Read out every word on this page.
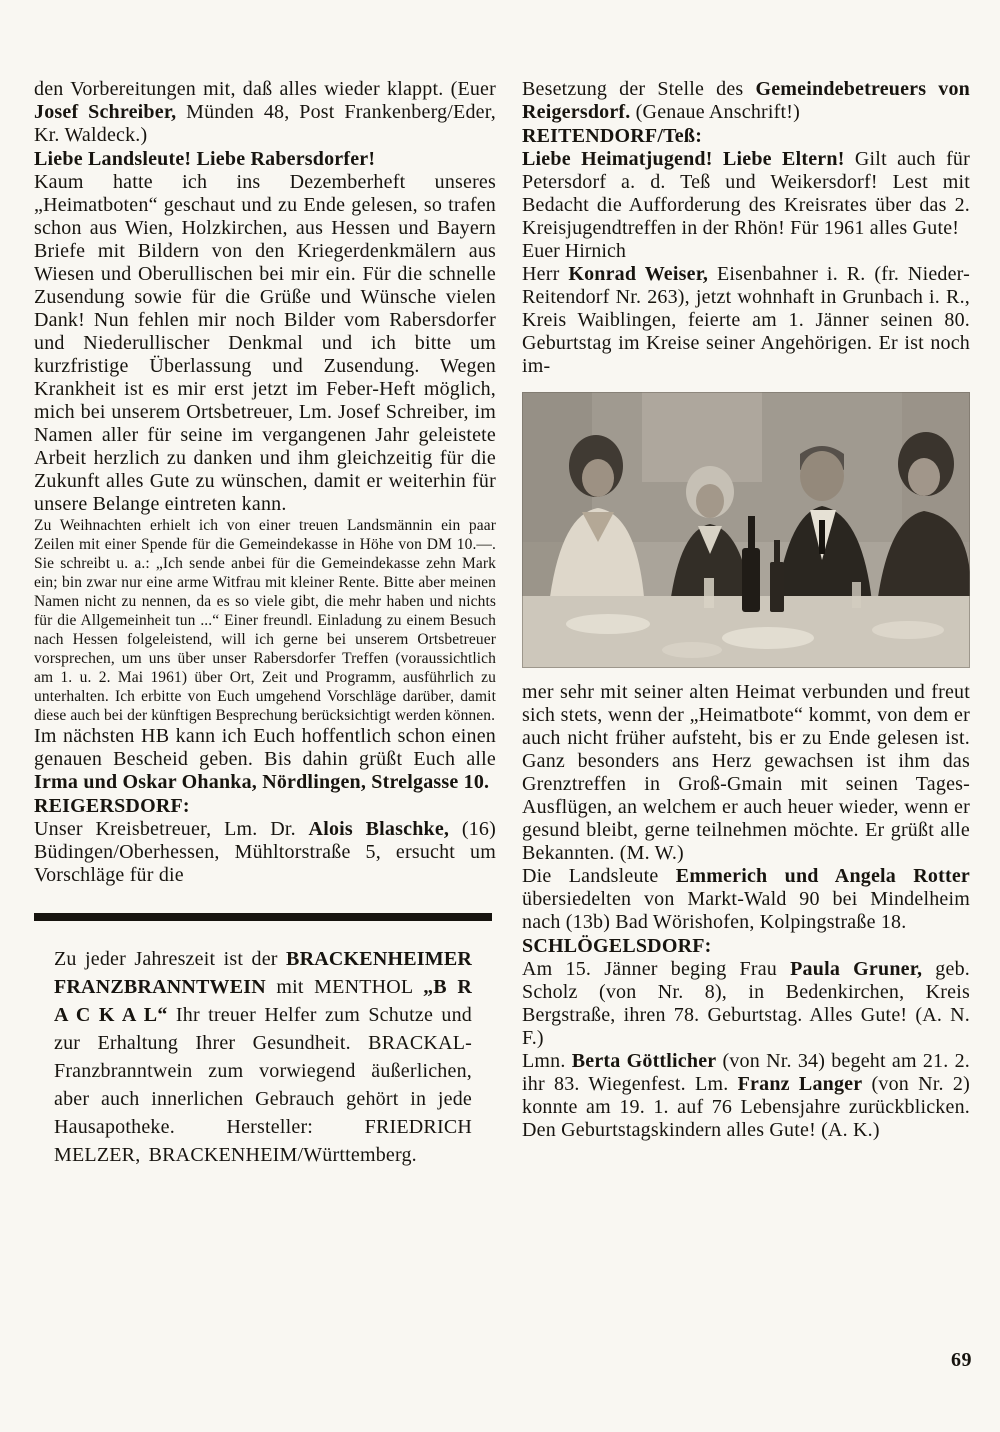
den Vorbereitungen mit, daß alles wieder klappt. (Euer Josef Schreiber, Münden 48, Post Frankenberg/Eder, Kr. Waldeck.)

Liebe Landsleute! Liebe Rabersdorfer!

Kaum hatte ich ins Dezemberheft unseres „Heimatboten“ geschaut und zu Ende gelesen, so trafen schon aus Wien, Holzkirchen, aus Hessen und Bayern Briefe mit Bildern von den Kriegerdenkmälern aus Wiesen und Oberullischen bei mir ein. Für die schnelle Zusendung sowie für die Grüße und Wünsche vielen Dank! Nun fehlen mir noch Bilder vom Rabersdorfer und Niederullischer Denkmal und ich bitte um kurzfristige Überlassung und Zusendung. Wegen Krankheit ist es mir erst jetzt im Feber-Heft möglich, mich bei unserem Ortsbetreuer, Lm. Josef Schreiber, im Namen aller für seine im vergangenen Jahr geleistete Arbeit herzlich zu danken und ihm gleichzeitig für die Zukunft alles Gute zu wünschen, damit er weiterhin für unsere Belange eintreten kann.

Zu Weihnachten erhielt ich von einer treuen Landsmännin ein paar Zeilen mit einer Spende für die Gemeindekasse in Höhe von DM 10.—. Sie schreibt u. a.: „Ich sende anbei für die Gemeindekasse zehn Mark ein; bin zwar nur eine arme Witfrau mit kleiner Rente. Bitte aber meinen Namen nicht zu nennen, da es so viele gibt, die mehr haben und nichts für die Allgemeinheit tun ...“ Einer freundl. Einladung zu einem Besuch nach Hessen folgeleistend, will ich gerne bei unserem Ortsbetreuer vorsprechen, um uns über unser Rabersdorfer Treffen (voraussichtlich am 1. u. 2. Mai 1961) über Ort, Zeit und Programm, ausführlich zu unterhalten. Ich erbitte von Euch umgehend Vorschläge darüber, damit diese auch bei der künftigen Besprechung berücksichtigt werden können.

Im nächsten HB kann ich Euch hoffentlich schon einen genauen Bescheid geben. Bis dahin grüßt Euch alle Irma und Oskar Ohanka, Nördlingen, Strelgasse 10.

REIGERSDORF:

Unser Kreisbetreuer, Lm. Dr. Alois Blaschke, (16) Büdingen/Oberhessen, Mühltorstraße 5, ersucht um Vorschläge für die

Zu jeder Jahreszeit ist der BRACKENHEIMER FRANZBRANNTWEIN mit MENTHOL „B R A C K A L“ Ihr treuer Helfer zum Schutze und zur Erhaltung Ihrer Gesundheit. BRACKAL-Franzbranntwein zum vorwiegend äußerlichen, aber auch innerlichen Gebrauch gehört in jede Hausapotheke. Hersteller: FRIEDRICH MELZER, BRACKENHEIM/Württemberg.

Besetzung der Stelle des Gemeindebetreuers von Reigersdorf. (Genaue Anschrift!)

REITENDORF/Teß:

Liebe Heimatjugend! Liebe Eltern! Gilt auch für Petersdorf a. d. Teß und Weikersdorf! Lest mit Bedacht die Aufforderung des Kreisrates über das 2. Kreisjugendtreffen in der Rhön! Für 1961 alles Gute!

Euer Hirnich

Herr Konrad Weiser, Eisenbahner i. R. (fr. Nieder-Reitendorf Nr. 263), jetzt wohnhaft in Grunbach i. R., Kreis Waiblingen, feierte am 1. Jänner seinen 80. Geburtstag im Kreise seiner Angehörigen. Er ist noch im-

mer sehr mit seiner alten Heimat verbunden und freut sich stets, wenn der „Heimatbote“ kommt, von dem er auch nicht früher aufsteht, bis er zu Ende gelesen ist. Ganz besonders ans Herz gewachsen ist ihm das Grenztreffen in Groß-Gmain mit seinen Tages-Ausflügen, an welchem er auch heuer wieder, wenn er gesund bleibt, gerne teilnehmen möchte. Er grüßt alle Bekannten. (M. W.)

Die Landsleute Emmerich und Angela Rotter übersiedelten von Markt-Wald 90 bei Mindelheim nach (13b) Bad Wörishofen, Kolpingstraße 18.

SCHLÖGELSDORF:

Am 15. Jänner beging Frau Paula Gruner, geb. Scholz (von Nr. 8), in Bedenkirchen, Kreis Bergstraße, ihren 78. Geburtstag. Alles Gute! (A. N. F.)

Lmn. Berta Göttlicher (von Nr. 34) begeht am 21. 2. ihr 83. Wiegenfest. Lm. Franz Langer (von Nr. 2) konnte am 19. 1. auf 76 Lebensjahre zurückblicken. Den Geburtstagskindern alles Gute! (A. K.)

69
